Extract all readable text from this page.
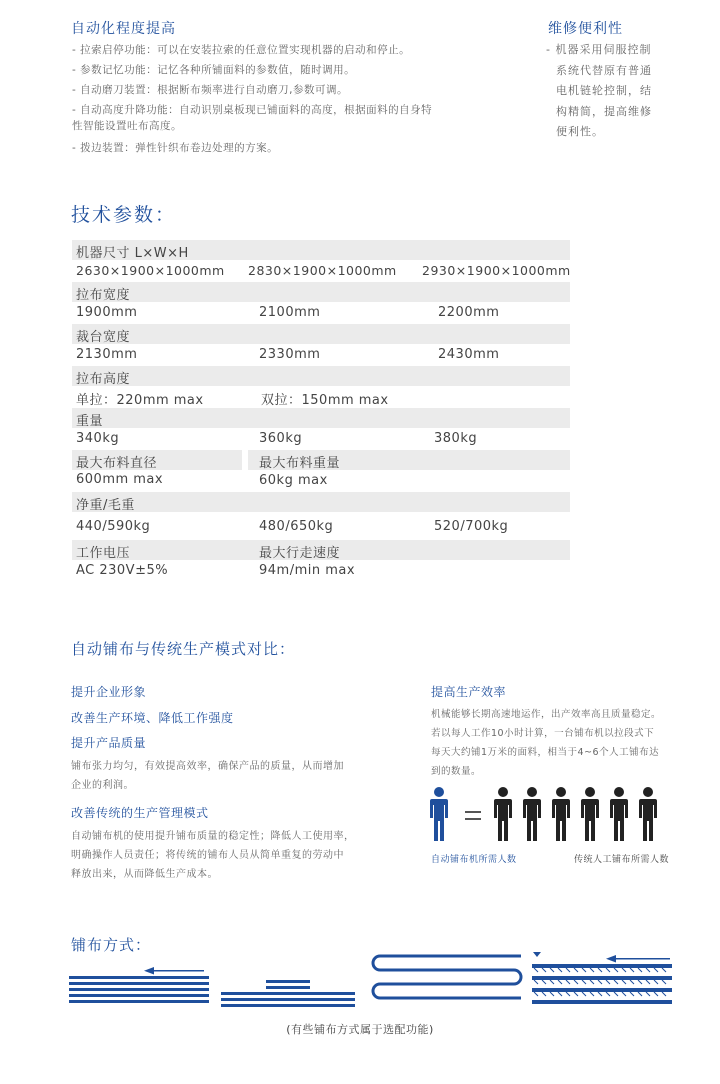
自动化程度提高
- 拉索启停功能：可以在安装拉索的任意位置实现机器的启动和停止。
- 参数记忆功能：记忆各种所铺面料的参数值，随时调用。
- 自动磨刀装置：根据断布频率进行自动磨刀,参数可调。
- 自动高度升降功能：自动识别桌板现已铺面料的高度，根据面料的自身特
性智能设置吐布高度。
- 拨边装置：弹性针织布卷边处理的方案。
维修便利性
- 机器采用伺服控制
系统代替原有普通
电机链轮控制，结
构精简，提高维修
便利性。
技术参数：
机器尺寸 L×W×H
2630×1900×1000mm 2830×1900×1000mm 2930×1900×1000mm
拉布宽度
1900mm	2100mm	2200mm
裁台宽度
2130mm	2330mm	2430mm
拉布高度
单拉：220mm max	双拉：150mm max
重量
340kg	360kg	380kg
最大布料直径	最大布料重量
600mm max	60kg max
净重/毛重
440/590kg	480/650kg	520/700kg
工作电压	最大行走速度
AC 230V±5%	94m/min max
自动铺布与传统生产模式对比：
提升企业形象
改善生产环境、降低工作强度
提升产品质量
铺布张力均匀，有效提高效率，确保产品的质量，从而增加
企业的利润。
改善传统的生产管理模式
自动铺布机的使用提升铺布质量的稳定性；降低人工使用率，
明确操作人员责任；将传统的铺布人员从简单重复的劳动中
释放出来，从而降低生产成本。
提高生产效率
机械能够长期高速地运作，出产效率高且质量稳定。
若以每人工作10小时计算，一台铺布机以拉段式下
每天大约铺1万米的面料，相当于4~6个人工铺布达
到的数量。
自动铺布机所需人数	传统人工铺布所需人数
铺布方式：
(有些铺布方式属于选配功能)
